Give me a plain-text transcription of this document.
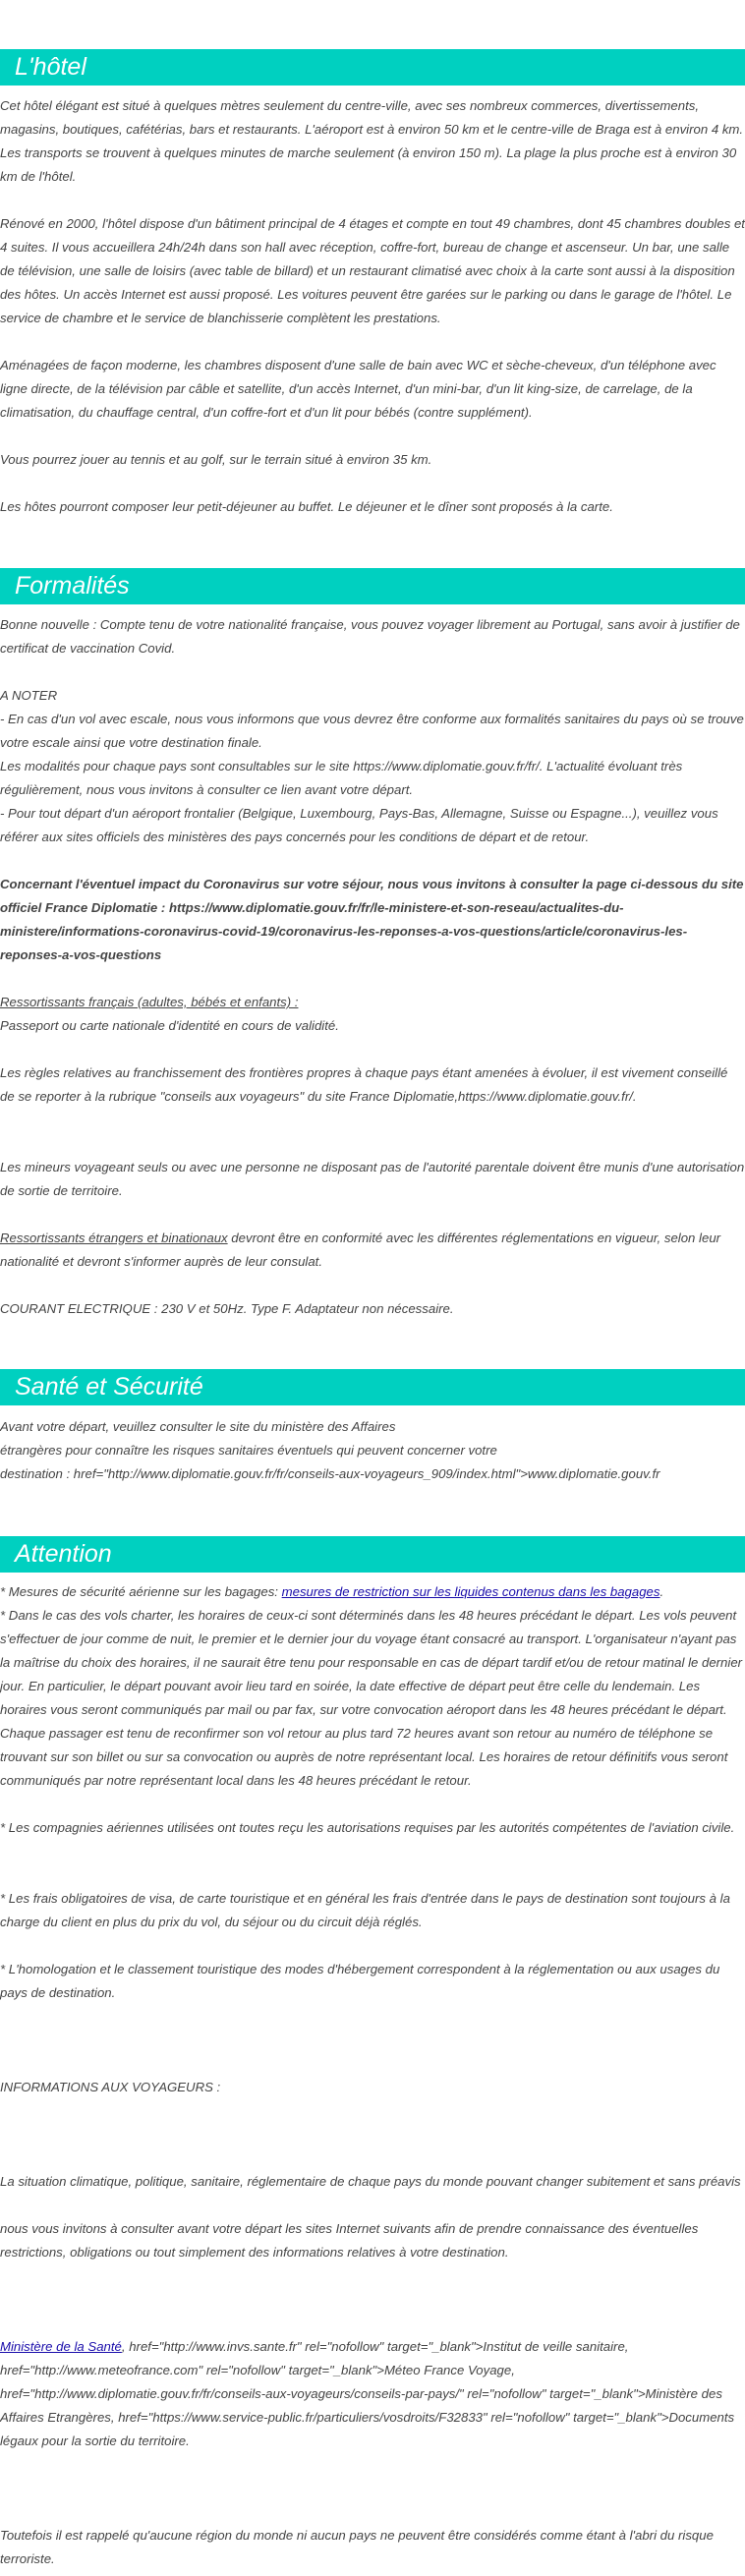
L'hôtel

Cet hôtel élégant est situé à quelques mètres seulement du centre-ville, avec ses nombreux commerces, divertissements, magasins, boutiques, cafétérias, bars et restaurants. L'aéroport est à environ 50 km et le centre-ville de Braga est à environ 4 km. Les transports se trouvent à quelques minutes de marche seulement (à environ 150 m). La plage la plus proche est à environ 30 km de l'hôtel.

Rénové en 2000, l'hôtel dispose d'un bâtiment principal de 4 étages et compte en tout 49 chambres, dont 45 chambres doubles et 4 suites. Il vous accueillera 24h/24h dans son hall avec réception, coffre-fort, bureau de change et ascenseur. Un bar, une salle de télévision, une salle de loisirs (avec table de billard) et un restaurant climatisé avec choix à la carte sont aussi à la disposition des hôtes. Un accès Internet est aussi proposé. Les voitures peuvent être garées sur le parking ou dans le garage de l'hôtel. Le service de chambre et le service de blanchisserie complètent les prestations.

Aménagées de façon moderne, les chambres disposent d'une salle de bain avec WC et sèche-cheveux, d'un téléphone avec ligne directe, de la télévision par câble et satellite, d'un accès Internet, d'un mini-bar, d'un lit king-size, de carrelage, de la climatisation, du chauffage central, d'un coffre-fort et d'un lit pour bébés (contre supplément).

Vous pourrez jouer au tennis et au golf, sur le terrain situé à environ 35 km.

Les hôtes pourront composer leur petit-déjeuner au buffet. Le déjeuner et le dîner sont proposés à la carte.

Formalités

Bonne nouvelle : Compte tenu de votre nationalité française, vous pouvez voyager librement au Portugal, sans avoir à justifier de certificat de vaccination Covid.

A NOTER

- En cas d'un vol avec escale, nous vous informons que vous devrez être conforme aux formalités sanitaires du pays où se trouve votre escale ainsi que votre destination finale.

Les modalités pour chaque pays sont consultables sur le site https://www.diplomatie.gouv.fr/fr/. L'actualité évoluant très régulièrement, nous vous invitons à consulter ce lien avant votre départ.

- Pour tout départ d'un aéroport frontalier (Belgique, Luxembourg, Pays-Bas, Allemagne, Suisse ou Espagne...), veuillez vous référer aux sites officiels des ministères des pays concernés pour les conditions de départ et de retour.

Concernant l'éventuel impact du Coronavirus sur votre séjour, nous vous invitons à consulter la page ci-dessous du site officiel France Diplomatie : https://www.diplomatie.gouv.fr/fr/le-ministere-et-son-reseau/actualites-du-ministere/informations-coronavirus-covid-19/coronavirus-les-reponses-a-vos-questions/article/coronavirus-les-reponses-a-vos-questions

Ressortissants français (adultes, bébés et enfants) :

Passeport ou carte nationale d'identité en cours de validité.

Les règles relatives au franchissement des frontières propres à chaque pays étant amenées à évoluer, il est vivement conseillé de se reporter à la rubrique "conseils aux voyageurs" du site France Diplomatie,https://www.diplomatie.gouv.fr/.

Les mineurs voyageant seuls ou avec une personne ne disposant pas de l'autorité parentale doivent être munis d'une autorisation de sortie de territoire.

Ressortissants étrangers et binationaux devront être en conformité avec les différentes réglementations en vigueur, selon leur nationalité et devront s'informer auprès de leur consulat.

COURANT ELECTRIQUE : 230 V et 50Hz. Type F. Adaptateur non nécessaire.

Santé et Sécurité

Avant votre départ, veuillez consulter le site du ministère des Affaires

étrangères pour connaître les risques sanitaires éventuels qui peuvent concerner votre

destination : href="http://www.diplomatie.gouv.fr/fr/conseils-aux-voyageurs_909/index.html">www.diplomatie.gouv.fr

Attention

* Mesures de sécurité aérienne sur les bagages: mesures de restriction sur les liquides contenus dans les bagages.

* Dans le cas des vols charter, les horaires de ceux-ci sont déterminés dans les 48 heures précédant le départ. Les vols peuvent s'effectuer de jour comme de nuit, le premier et le dernier jour du voyage étant consacré au transport. L'organisateur n'ayant pas la maîtrise du choix des horaires, il ne saurait être tenu pour responsable en cas de départ tardif et/ou de retour matinal le dernier jour. En particulier, le départ pouvant avoir lieu tard en soirée, la date effective de départ peut être celle du lendemain. Les horaires vous seront communiqués par mail ou par fax, sur votre convocation aéroport dans les 48 heures précédant le départ. Chaque passager est tenu de reconfirmer son vol retour au plus tard 72 heures avant son retour au numéro de téléphone se trouvant sur son billet ou sur sa convocation ou auprès de notre représentant local. Les horaires de retour définitifs vous seront communiqués par notre représentant local dans les 48 heures précédant le retour.

* Les compagnies aériennes utilisées ont toutes reçu les autorisations requises par les autorités compétentes de l'aviation civile.

* Les frais obligatoires de visa, de carte touristique et en général les frais d'entrée dans le pays de destination sont toujours à la charge du client en plus du prix du vol, du séjour ou du circuit déjà réglés.

* L'homologation et le classement touristique des modes d'hébergement correspondent à la réglementation ou aux usages du pays de destination.

INFORMATIONS AUX VOYAGEURS :

La situation climatique, politique, sanitaire, réglementaire de chaque pays du monde pouvant changer subitement et sans préavis

nous vous invitons à consulter avant votre départ les sites Internet suivants afin de prendre connaissance des éventuelles restrictions, obligations ou tout simplement des informations relatives à votre destination.

Ministère de la Santé, href="http://www.invs.sante.fr" rel="nofollow" target="_blank">Institut de veille sanitaire, href="http://www.meteofrance.com" rel="nofollow" target="_blank">Méteo France Voyage, href="http://www.diplomatie.gouv.fr/fr/conseils-aux-voyageurs/conseils-par-pays/" rel="nofollow" target="_blank">Ministère des Affaires Etrangères, href="https://www.service-public.fr/particuliers/vosdroits/F32833" rel="nofollow" target="_blank">Documents légaux pour la sortie du territoire.

Toutefois il est rappelé qu'aucune région du monde ni aucun pays ne peuvent être considérés comme étant à l'abri du risque terroriste.
